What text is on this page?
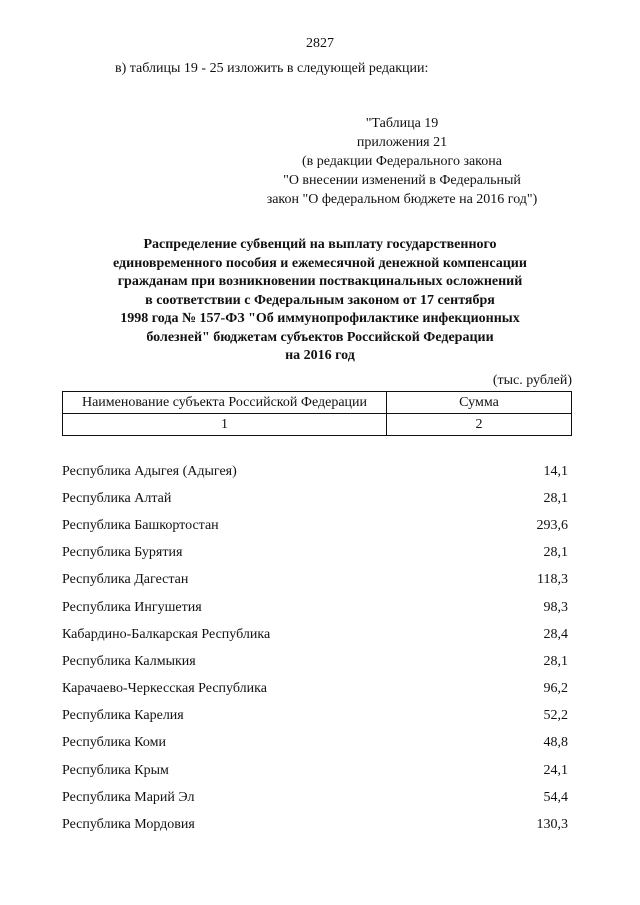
2827
в) таблицы 19 - 25 изложить в следующей редакции:
"Таблица 19
приложения 21
(в редакции Федерального закона
"О внесении изменений в Федеральный
закон "О федеральном бюджете на 2016 год")
Распределение субвенций на выплату государственного
единовременного пособия и ежемесячной денежной компенсации
гражданам при возникновении поствакцинальных осложнений
в соответствии с Федеральным законом от 17 сентября
1998 года № 157-ФЗ "Об иммунопрофилактике инфекционных
болезней" бюджетам субъектов Российской Федерации
на 2016 год
(тыс. рублей)
Наименование субъекта Российской Федерации	Сумма
1	2
Республика Адыгея (Адыгея)	14,1
Республика Алтай	28,1
Республика Башкортостан	293,6
Республика Бурятия	28,1
Республика Дагестан	118,3
Республика Ингушетия	98,3
Кабардино-Балкарская Республика	28,4
Республика Калмыкия	28,1
Карачаево-Черкесская Республика	96,2
Республика Карелия	52,2
Республика Коми	48,8
Республика Крым	24,1
Республика Марий Эл	54,4
Республика Мордовия	130,3
